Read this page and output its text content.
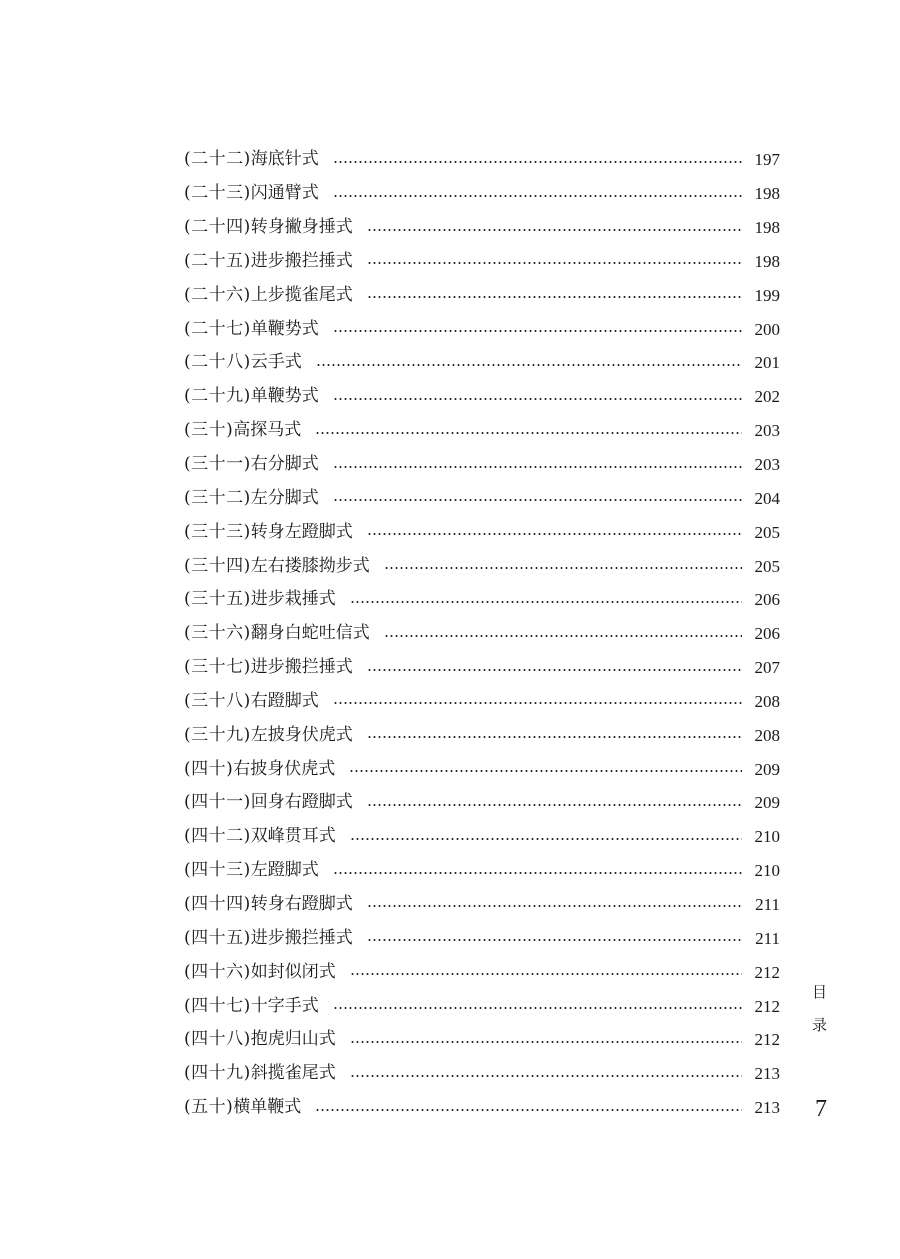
(二十二) 海底针式	197
(二十三) 闪通臂式	198
(二十四) 转身撇身捶式	198
(二十五) 进步搬拦捶式	198
(二十六) 上步揽雀尾式	199
(二十七) 单鞭势式	200
(二十八) 云手式	201
(二十九) 单鞭势式	202
(三十) 高探马式	203
(三十一) 右分脚式	203
(三十二) 左分脚式	204
(三十三) 转身左蹬脚式	205
(三十四) 左右搂膝拗步式	205
(三十五) 进步栽捶式	206
(三十六) 翻身白蛇吐信式	206
(三十七) 进步搬拦捶式	207
(三十八) 右蹬脚式	208
(三十九) 左披身伏虎式	208
(四十) 右披身伏虎式	209
(四十一) 回身右蹬脚式	209
(四十二) 双峰贯耳式	210
(四十三) 左蹬脚式	210
(四十四) 转身右蹬脚式	211
(四十五) 进步搬拦捶式	211
(四十六) 如封似闭式	212
(四十七) 十字手式	212
(四十八) 抱虎归山式	212
(四十九) 斜揽雀尾式	213
(五十) 横单鞭式	213
目
录
7
